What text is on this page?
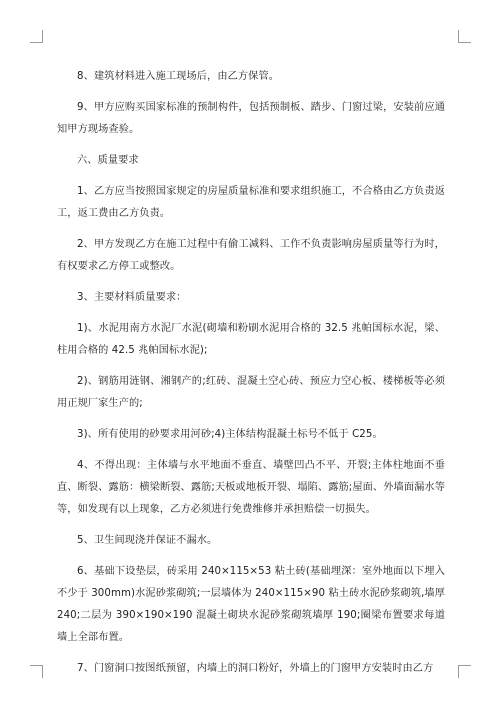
8、建筑材料进入施工现场后，由乙方保管。

9、甲方应购买国家标准的预制构件，包括预制板、踏步、门窗过梁，安装前应通知甲方现场查验。

六、质量要求

1、乙方应当按照国家规定的房屋质量标准和要求组织施工，不合格由乙方负责返工，返工费由乙方负责。

2、甲方发现乙方在施工过程中有偷工减料、工作不负责影响房屋质量等行为时，有权要求乙方停工或整改。

3、主要材料质量要求：

1)、水泥用南方水泥厂水泥(砌墙和粉刷水泥用合格的 32.5 兆帕国标水泥，梁、柱用合格的 42.5 兆帕国标水泥);

2)、钢筋用涟钢、湘钢产的;红砖、混凝土空心砖、预应力空心板、楼梯板等必须用正规厂家生产的;

3)、所有使用的砂要求用河砂;4)主体结构混凝土标号不低于 C25。

4、不得出现：主体墙与水平地面不垂直、墙壁凹凸不平、开裂;主体柱地面不垂直、断裂、露筋：横梁断裂、露筋;天板或地板开裂、塌陷、露筋;屋面、外墙面漏水等等，如发现有以上现象，乙方必须进行免费维修并承担赔偿一切损失。

5、卫生间现浇并保证不漏水。

6、基础下设垫层，砖采用 240×115×53 粘土砖(基础埋深：室外地面以下埋入不少于 300mm)水泥砂浆砌筑;一层墙体为 240×115×90 粘土砖水泥砂浆砌筑,墙厚240;二层为 390×190×190 混凝土砌块水泥砂浆砌筑墙厚 190;圈梁布置要求每道墙上全部布置。

7、门窗洞口按图纸预留，内墙上的洞口粉好，外墙上的门窗甲方安装时由乙方
